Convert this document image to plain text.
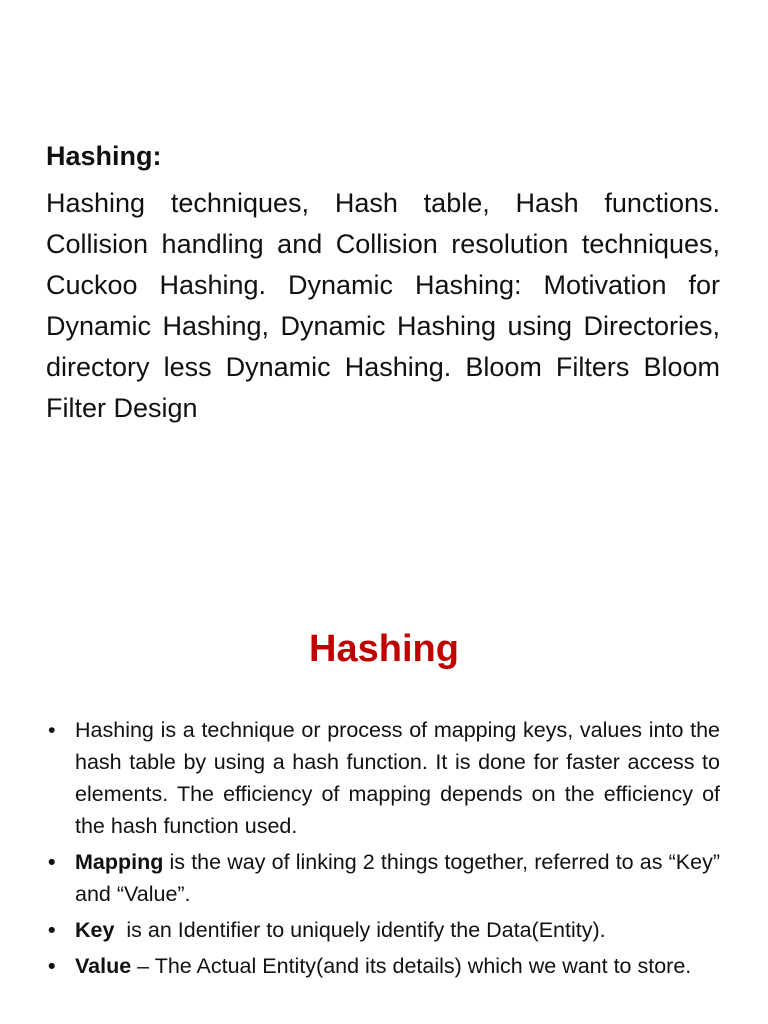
Hashing:

Hashing techniques, Hash table, Hash functions. Collision handling and Collision resolution techniques, Cuckoo Hashing. Dynamic Hashing: Motivation for Dynamic Hashing, Dynamic Hashing using Directories, directory less Dynamic Hashing. Bloom Filters Bloom Filter Design

Hashing
• Hashing is a technique or process of mapping keys, values into the hash table by using a hash function. It is done for faster access to elements. The efficiency of mapping depends on the efficiency of the hash function used.
• Mapping is the way of linking 2 things together, referred to as “Key” and “Value”.
• Key  is an Identifier to uniquely identify the Data(Entity).
• Value – The Actual Entity(and its details) which we want to store.
